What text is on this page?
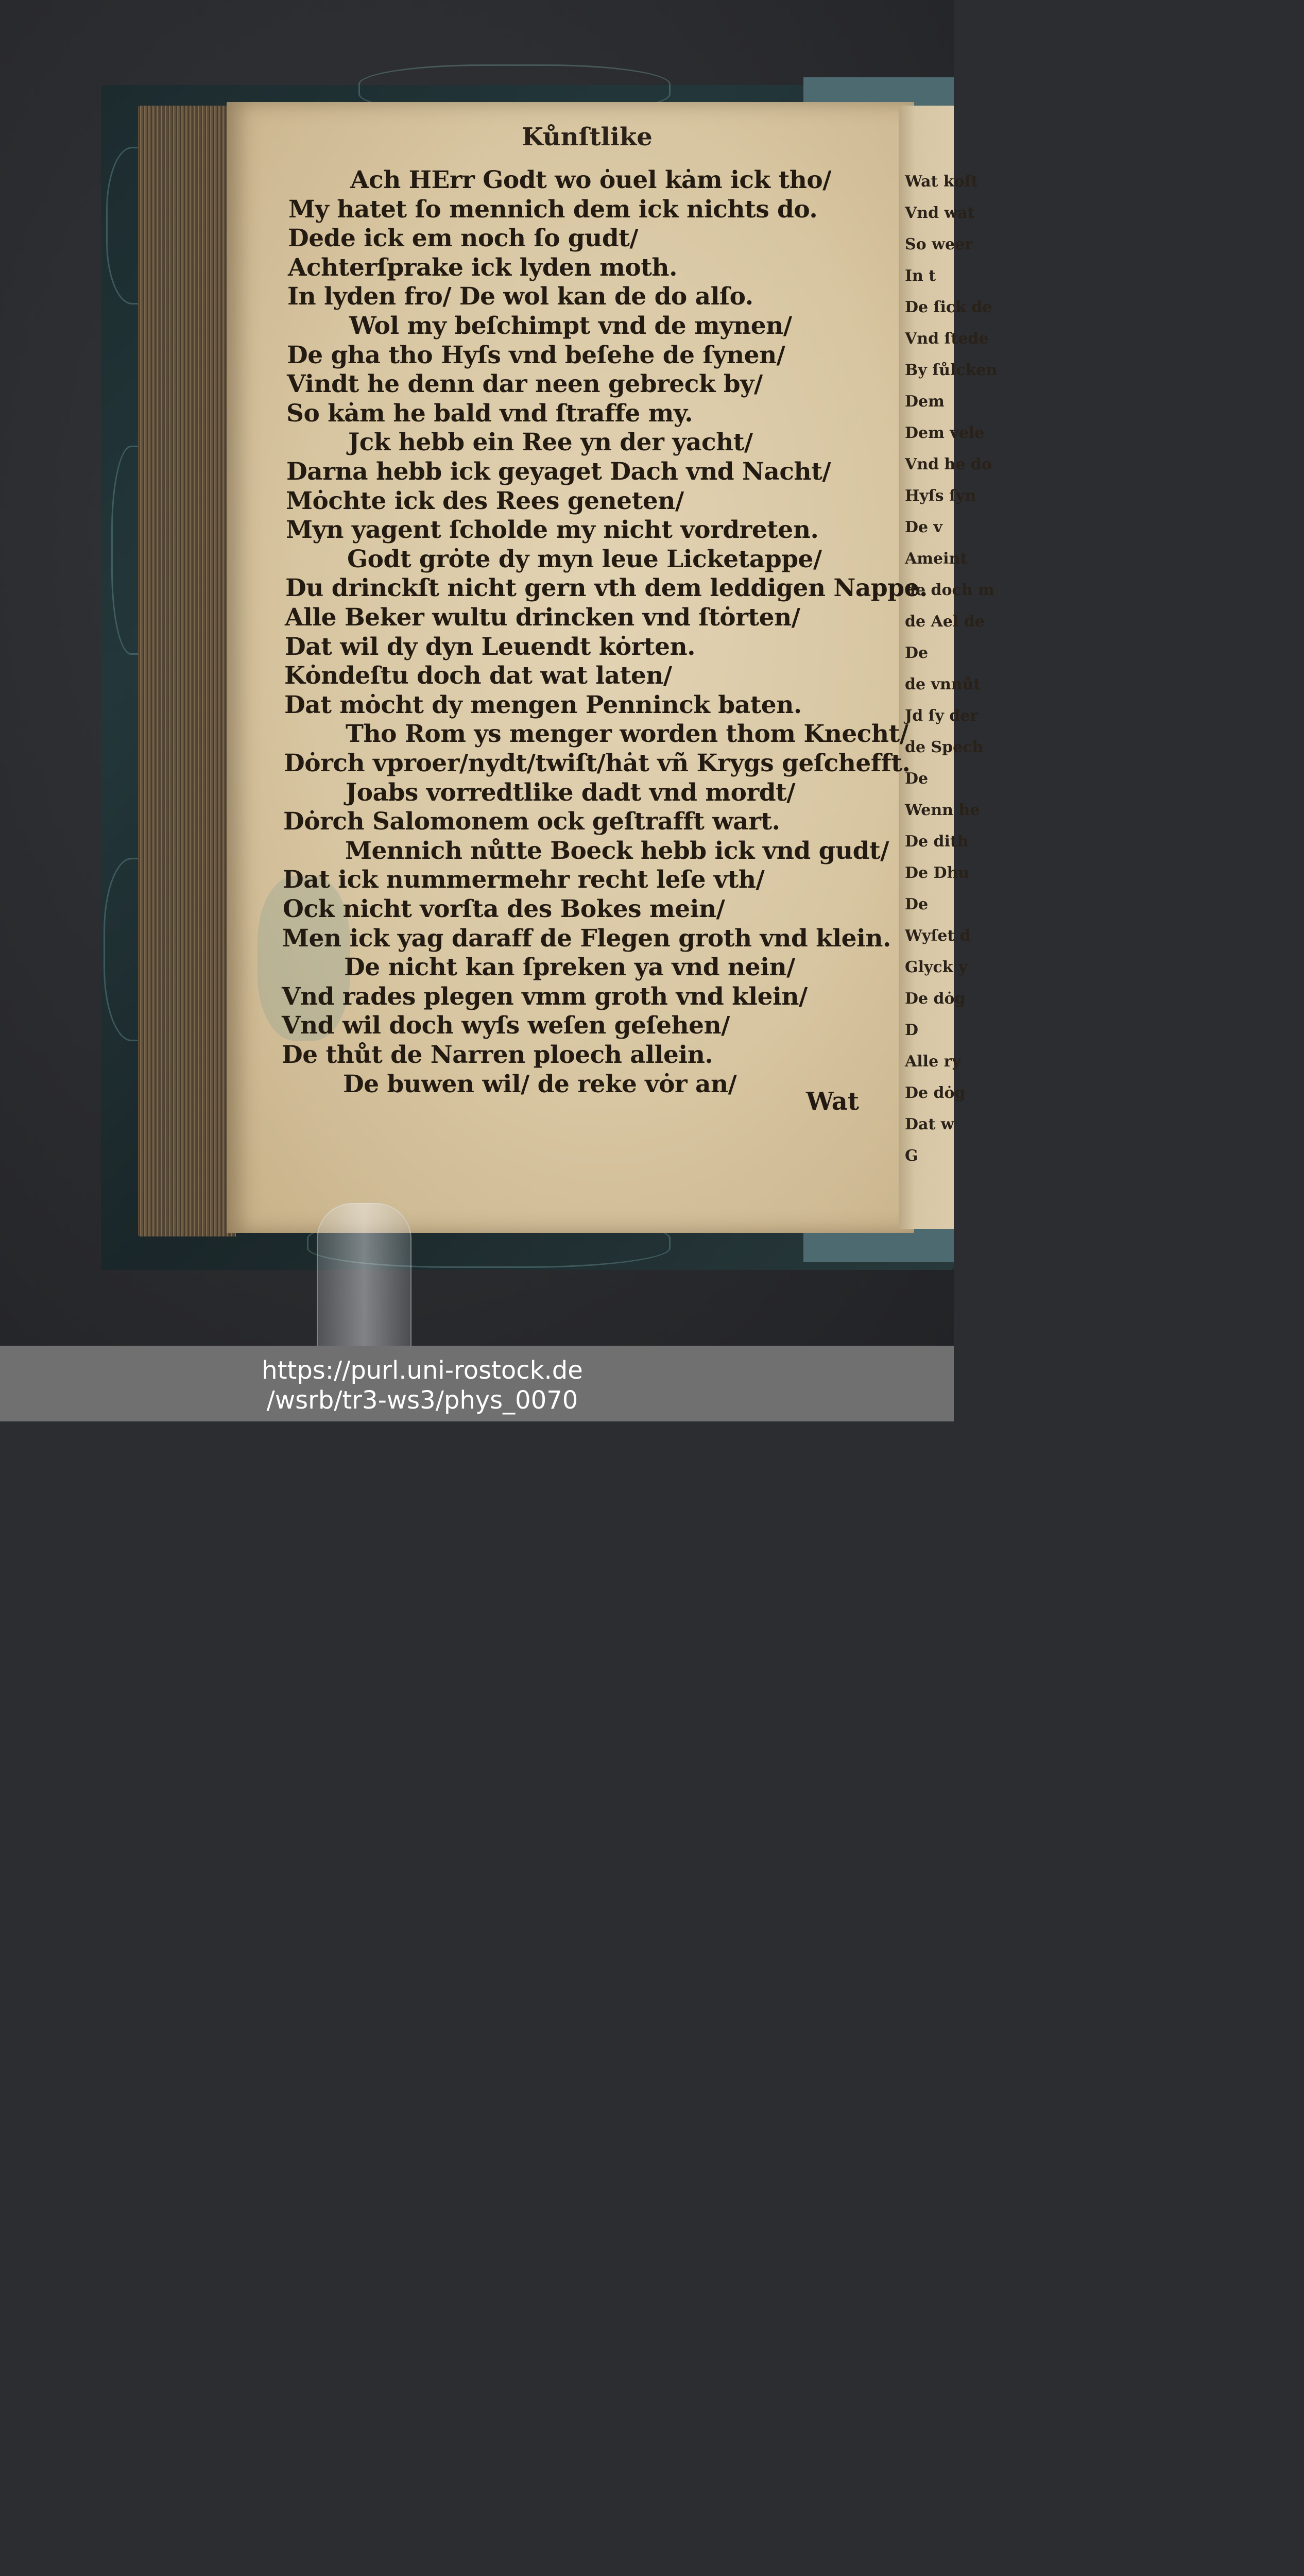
Wat koſt
Vnd wat
So weer
In t
De ſick de
Vnd ſtede
By ſůlcken
Dem
Dem vele
Vnd he do
Hyſs ſyn
De v
Ameint
de doch m
de Ael de
De
de vnnůt
Jd ſy der
de Spech
De
Wenn he
De dith
De Dhu
De
Wyſet d
Glyck y
De dȯg
D
Alle ry
De dȯg
Dat w
G
Kůnſtlike
Ach HErr Godt wo ȯuel kȧm ick tho/
My hatet ſo mennich dem ick nichts do.
Dede ick em noch ſo gudt/
Achterſprake ick lyden moth.
In lyden fro/ De wol kan de do alſo.
Wol my beſchimpt vnd de mynen/
De gha tho Hyſs vnd beſehe de ſynen/
Vindt he denn dar neen gebreck by/
So kȧm he bald vnd ſtraffe my.
Jck hebb ein Ree yn der yacht/
Darna hebb ick geyaget Dach vnd Nacht/
Mȯchte ick des Rees geneten/
Myn yagent ſcholde my nicht vordreten.
Godt grȯte dy myn leue Licketappe/
Du drinckſt nicht gern vth dem leddigen Nappe.
Alle Beker wultu drincken vnd ſtȯrten/
Dat wil dy dyn Leuendt kȯrten.
Kȯndeſtu doch dat wat laten/
Dat mȯcht dy mengen Penninck baten.
Tho Rom ys menger worden thom Knecht/
Dȯrch vproer/nydt/twiſt/hȧt vñ Krygs geſchefft.
Joabs vorredtlike dadt vnd mordt/
Dȯrch Salomonem ock geſtrafft wart.
Mennich nůtte Boeck hebb ick vnd gudt/
Dat ick nummermehr recht leſe vth/
Ock nicht vorſta des Bokes mein/
Men ick yag daraff de Flegen groth vnd klein.
De nicht kan ſpreken ya vnd nein/
Vnd rades plegen vmm groth vnd klein/
Vnd wil doch wyſs weſen geſehen/
De thůt de Narren ploech allein.
De buwen wil/ de reke vȯr an/
Wat
https://purl.uni-rostock.de
/wsrb/tr3-ws3/phys_0070
